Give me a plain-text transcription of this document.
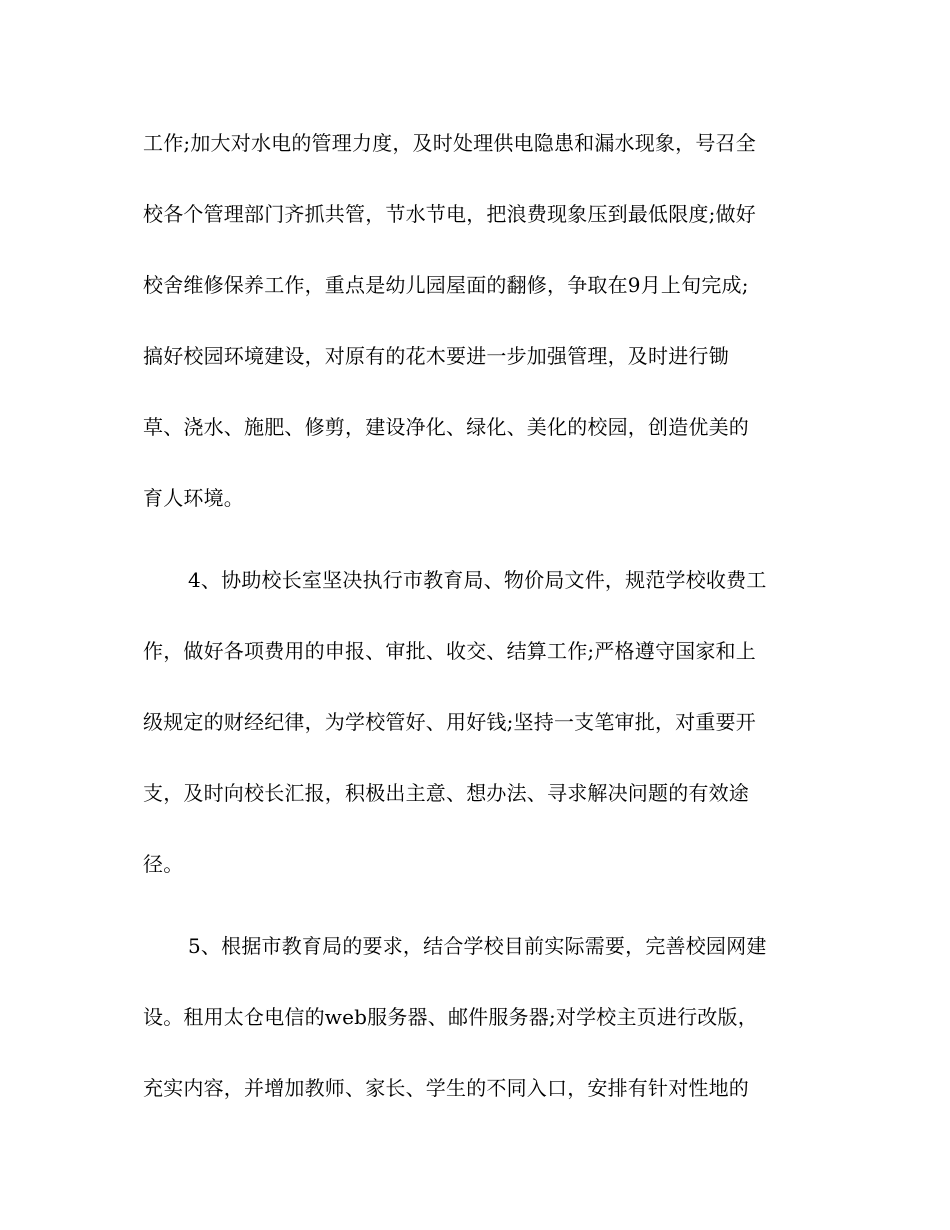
工作;加大对水电的管理力度，及时处理供电隐患和漏水现象，号召全
校各个管理部门齐抓共管，节水节电，把浪费现象压到最低限度;做好
校舍维修保养工作，重点是幼儿园屋面的翻修，争取在9月上旬完成;
搞好校园环境建设，对原有的花木要进一步加强管理，及时进行锄
草、浇水、施肥、修剪，建设净化、绿化、美化的校园，创造优美的
育人环境。
4、协助校长室坚决执行市教育局、物价局文件，规范学校收费工
作，做好各项费用的申报、审批、收交、结算工作;严格遵守国家和上
级规定的财经纪律，为学校管好、用好钱;坚持一支笔审批，对重要开
支，及时向校长汇报，积极出主意、想办法、寻求解决问题的有效途
径。
5、根据市教育局的要求，结合学校目前实际需要，完善校园网建
设。租用太仓电信的web服务器、邮件服务器;对学校主页进行改版，
充实内容，并增加教师、家长、学生的不同入口，安排有针对性地的
